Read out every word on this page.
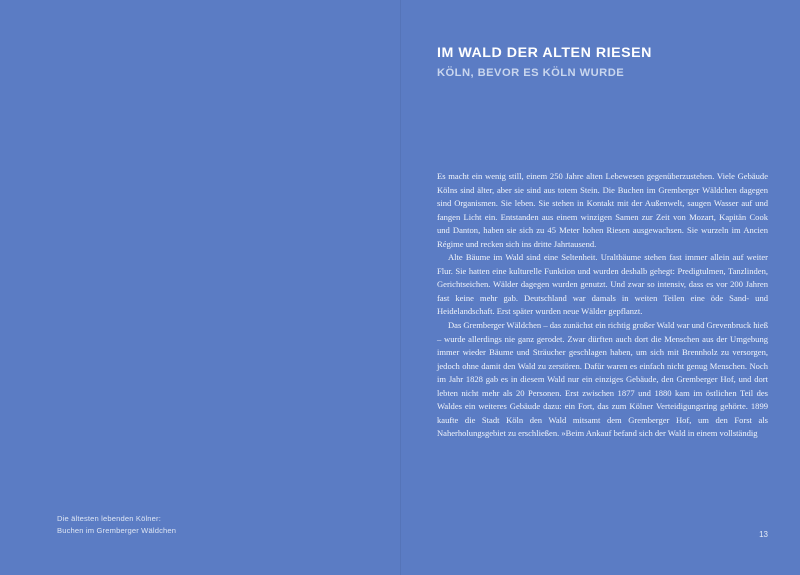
Die ältesten lebenden Kölner:
Buchen im Gremberger Wäldchen
IM WALD DER ALTEN RIESEN
KÖLN, BEVOR ES KÖLN WURDE

Es macht ein wenig still, einem 250 Jahre alten Lebewesen gegenüberzustehen. Viele Gebäude Kölns sind älter, aber sie sind aus totem Stein. Die Buchen im Gremberger Wäldchen dagegen sind Organismen. Sie leben. Sie stehen in Kontakt mit der Außenwelt, saugen Wasser auf und fangen Licht ein. Entstanden aus einem winzigen Samen zur Zeit von Mozart, Kapitän Cook und Danton, haben sie sich zu 45 Meter hohen Riesen ausgewachsen. Sie wurzeln im Ancien Régime und recken sich ins dritte Jahrtausend.

Alte Bäume im Wald sind eine Seltenheit. Uraltbäume stehen fast immer allein auf weiter Flur. Sie hatten eine kulturelle Funktion und wurden deshalb gehegt: Predigtulmen, Tanzlinden, Gerichtseichen. Wälder dagegen wurden genutzt. Und zwar so intensiv, dass es vor 200 Jahren fast keine mehr gab. Deutschland war damals in weiten Teilen eine öde Sand- und Heidelandschaft. Erst später wurden neue Wälder gepflanzt.

Das Gremberger Wäldchen – das zunächst ein richtig großer Wald war und Grevenbruck hieß – wurde allerdings nie ganz gerodet. Zwar dürften auch dort die Menschen aus der Umgebung immer wieder Bäume und Sträucher geschlagen haben, um sich mit Brennholz zu versorgen, jedoch ohne damit den Wald zu zerstören. Dafür waren es einfach nicht genug Menschen. Noch im Jahr 1828 gab es in diesem Wald nur ein einziges Gebäude, den Gremberger Hof, und dort lebten nicht mehr als 20 Personen. Erst zwischen 1877 und 1880 kam im östlichen Teil des Waldes ein weiteres Gebäude dazu: ein Fort, das zum Kölner Verteidigungsring gehörte. 1899 kaufte die Stadt Köln den Wald mitsamt dem Gremberger Hof, um den Forst als Naherholungsgebiet zu erschließen. »Beim Ankauf befand sich der Wald in einem vollständig

13
